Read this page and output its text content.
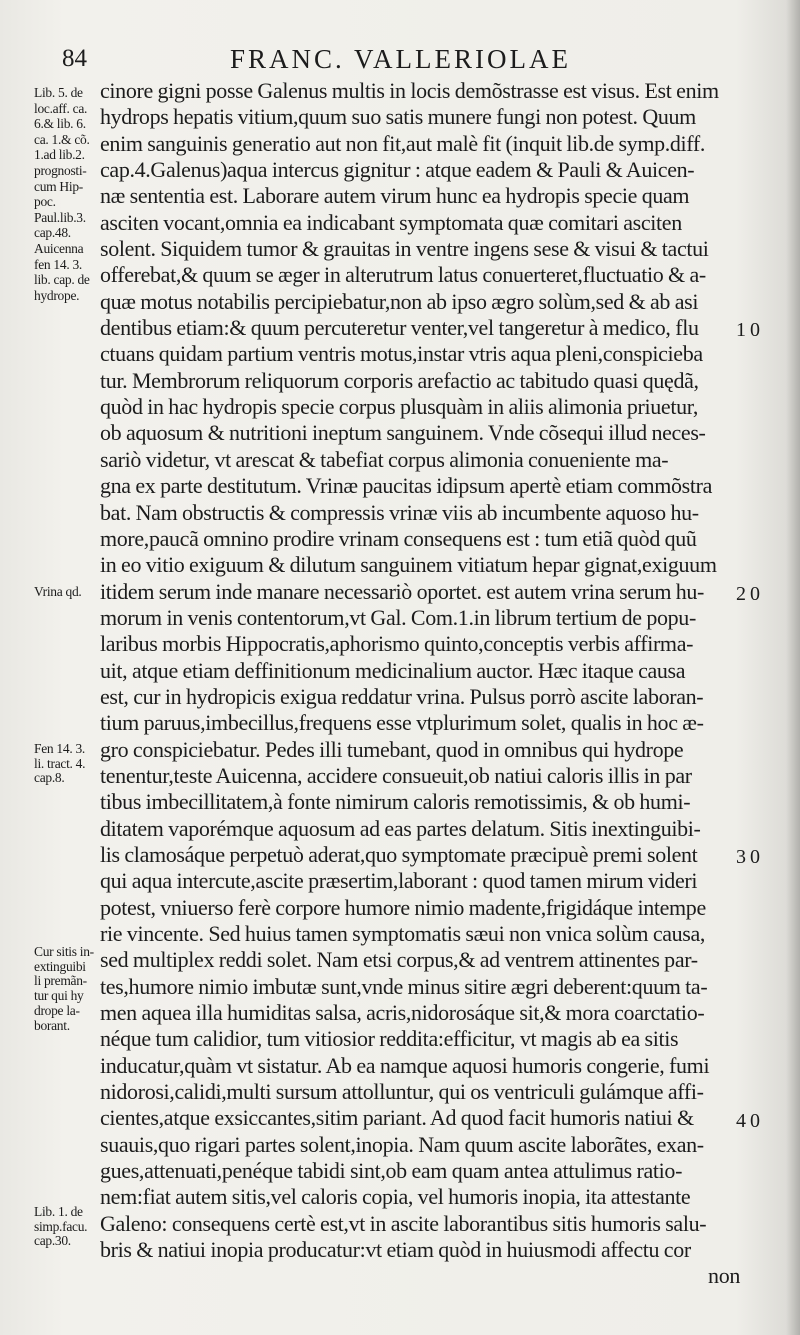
84	FRANC. VALLERIOLAE
cinore gigni posse Galenus multis in locis demõstrasse est visus. Est enim
hydrops hepatis vitium,quum suo satis munere fungi non potest. Quum
enim sanguinis generatio aut non fit,aut malè fit (inquit lib.de symp.diff.
cap.4.Galenus)aqua intercus gignitur : atque eadem & Pauli & Auicen-
næ sententia est. Laborare autem virum hunc ea hydropis specie quam
asciten vocant,omnia ea indicabant symptomata quæ comitari asciten
solent. Siquidem tumor & grauitas in ventre ingens sese & visui & tactui
offerebat,& quum se æger in alterutrum latus conuerteret,fluctuatio & a-
quæ motus notabilis percipiebatur,non ab ipso ægro solùm,sed & ab asi
dentibus etiam:& quum percuteretur venter,vel tangeretur à medico, flu
ctuans quidam partium ventris motus,instar vtris aqua pleni,conspicieba
tur. Membrorum reliquorum corporis arefactio ac tabitudo quasi quędã,
quòd in hac hydropis specie corpus plusquàm in aliis alimonia priuetur,
ob aquosum & nutritioni ineptum sanguinem. Vnde cõsequi illud neces-
sariò videtur, vt arescat & tabefiat corpus alimonia conueniente ma-
gna ex parte destitutum. Vrinæ paucitas idipsum apertè etiam commõstra
bat. Nam obstructis & compressis vrinæ viis ab incumbente aquoso hu-
more,paucã omnino prodire vrinam consequens est : tum etiã quòd quũ
in eo vitio exiguum & dilutum sanguinem vitiatum hepar gignat,exiguum
itidem serum inde manare necessariò oportet. est autem vrina serum hu-
morum in venis contentorum,vt Gal. Com.1.in librum tertium de popu-
laribus morbis Hippocratis,aphorismo quinto,conceptis verbis affirma-
uit, atque etiam deffinitionum medicinalium auctor. Hæc itaque causa
est, cur in hydropicis exigua reddatur vrina. Pulsus porrò ascite laboran-
tium paruus,imbecillus,frequens esse vtplurimum solet, qualis in hoc æ-
gro conspiciebatur. Pedes illi tumebant, quod in omnibus qui hydrope
tenentur,teste Auicenna, accidere consueuit,ob natiui caloris illis in par
tibus imbecillitatem,à fonte nimirum caloris remotissimis, & ob humi-
ditatem vaporémque aquosum ad eas partes delatum. Sitis inextinguibi-
lis clamosáque perpetuò aderat,quo symptomate præcipuè premi solent
qui aqua intercute,ascite præsertim,laborant : quod tamen mirum videri
potest, vniuerso ferè corpore humore nimio madente,frigidáque intempe
rie vincente. Sed huius tamen symptomatis sæui non vnica solùm causa,
sed multiplex reddi solet. Nam etsi corpus,& ad ventrem attinentes par-
tes,humore nimio imbutæ sunt,vnde minus sitire ægri deberent:quum ta-
men aquea illa humiditas salsa, acris,nidorosáque sit,& mora coarctatio-
néque tum calidior, tum vitiosior reddita:efficitur, vt magis ab ea sitis
inducatur,quàm vt sistatur. Ab ea namque aquosi humoris congerie, fumi
nidorosi,calidi,multi sursum attolluntur, qui os ventriculi gulámque affi-
cientes,atque exsiccantes,sitim pariant. Ad quod facit humoris natiui &
suauis,quo rigari partes solent,inopia. Nam quum ascite laborãtes, exan-
gues,attenuati,penéque tabidi sint,ob eam quam antea attulimus ratio-
nem:fiat autem sitis,vel caloris copia, vel humoris inopia, ita attestante
Galeno: consequens certè est,vt in ascite laborantibus sitis humoris salu-
bris & natiui inopia producatur:vt etiam quòd in huiusmodi affectu cor
non
10
20
30
40
Lib. 5. de
loc.aff. ca.
6.& lib. 6.
ca. 1.& cõ.
1.ad lib.2.
prognosti-
cum Hip-
poc.
Paul.lib.3.
cap.48.
Auicenna
fen 14. 3.
lib. cap. de
hydrope.
Vrina qd.
Fen 14. 3.
li. tract. 4.
cap.8.
Cur sitis in-
extinguibi
li premãn-
tur qui hy
drope la-
borant.
Lib. 1. de
simp.facu.
cap.30.
